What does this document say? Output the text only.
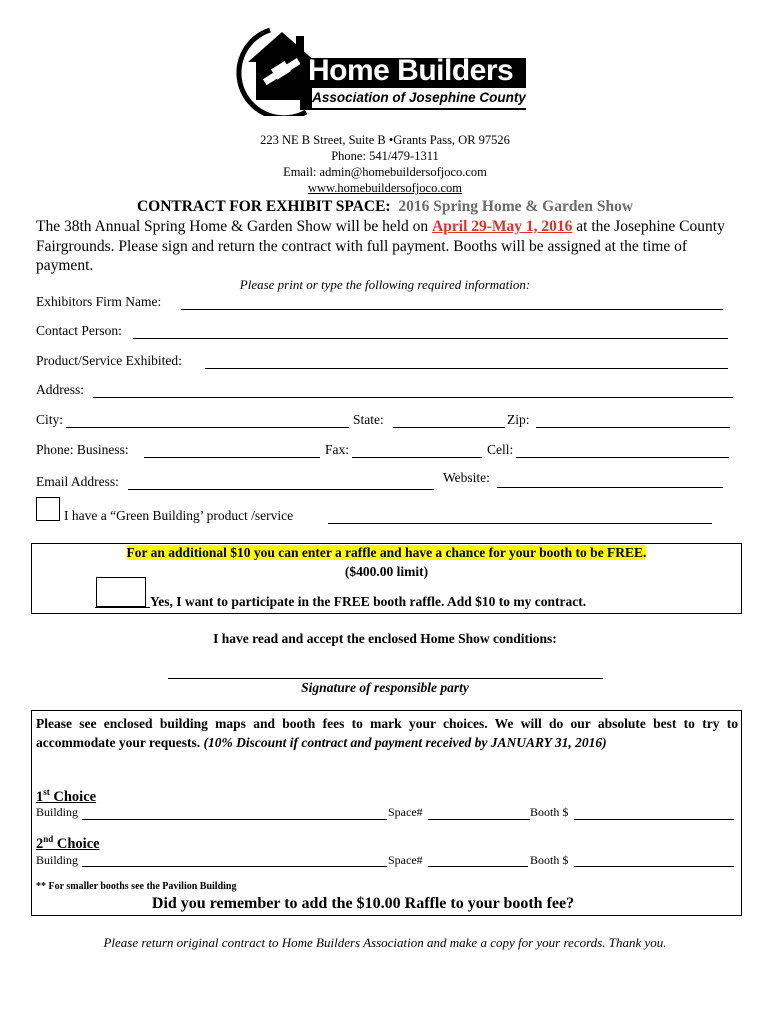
Home Builders
Association of Josephine County
223 NE B Street, Suite B •Grants Pass, OR 97526
Phone: 541/479-1311
Email: admin@homebuildersofjoco.com
www.homebuildersofjoco.com
CONTRACT FOR EXHIBIT SPACE: 2016 Spring Home & Garden Show
The 38th Annual Spring Home & Garden Show will be held on April 29-May 1, 2016 at the Josephine County Fairgrounds. Please sign and return the contract with full payment. Booths will be assigned at the time of payment.
Please print or type the following required information:
Exhibitors Firm Name:
Contact Person:
Product/Service Exhibited:
Address:
City:	State:	Zip:
Phone: Business:	Fax:	Cell:
Email Address:	Website:
I have a “Green Building’ product /service
For an additional $10 you can enter a raffle and have a chance for your booth to be FREE.
($400.00 limit)
Yes, I want to participate in the FREE booth raffle. Add $10 to my contract.
I have read and accept the enclosed Home Show conditions:
Signature of responsible party
Please see enclosed building maps and booth fees to mark your choices. We will do our absolute best to try to accommodate your requests. (10% Discount if contract and payment received by JANUARY 31, 2016)
1st Choice
Building	Space#	Booth $
2nd Choice
Building	Space#	Booth $
** For smaller booths see the Pavilion Building
Did you remember to add the $10.00 Raffle to your booth fee?
Please return original contract to Home Builders Association and make a copy for your records. Thank you.
